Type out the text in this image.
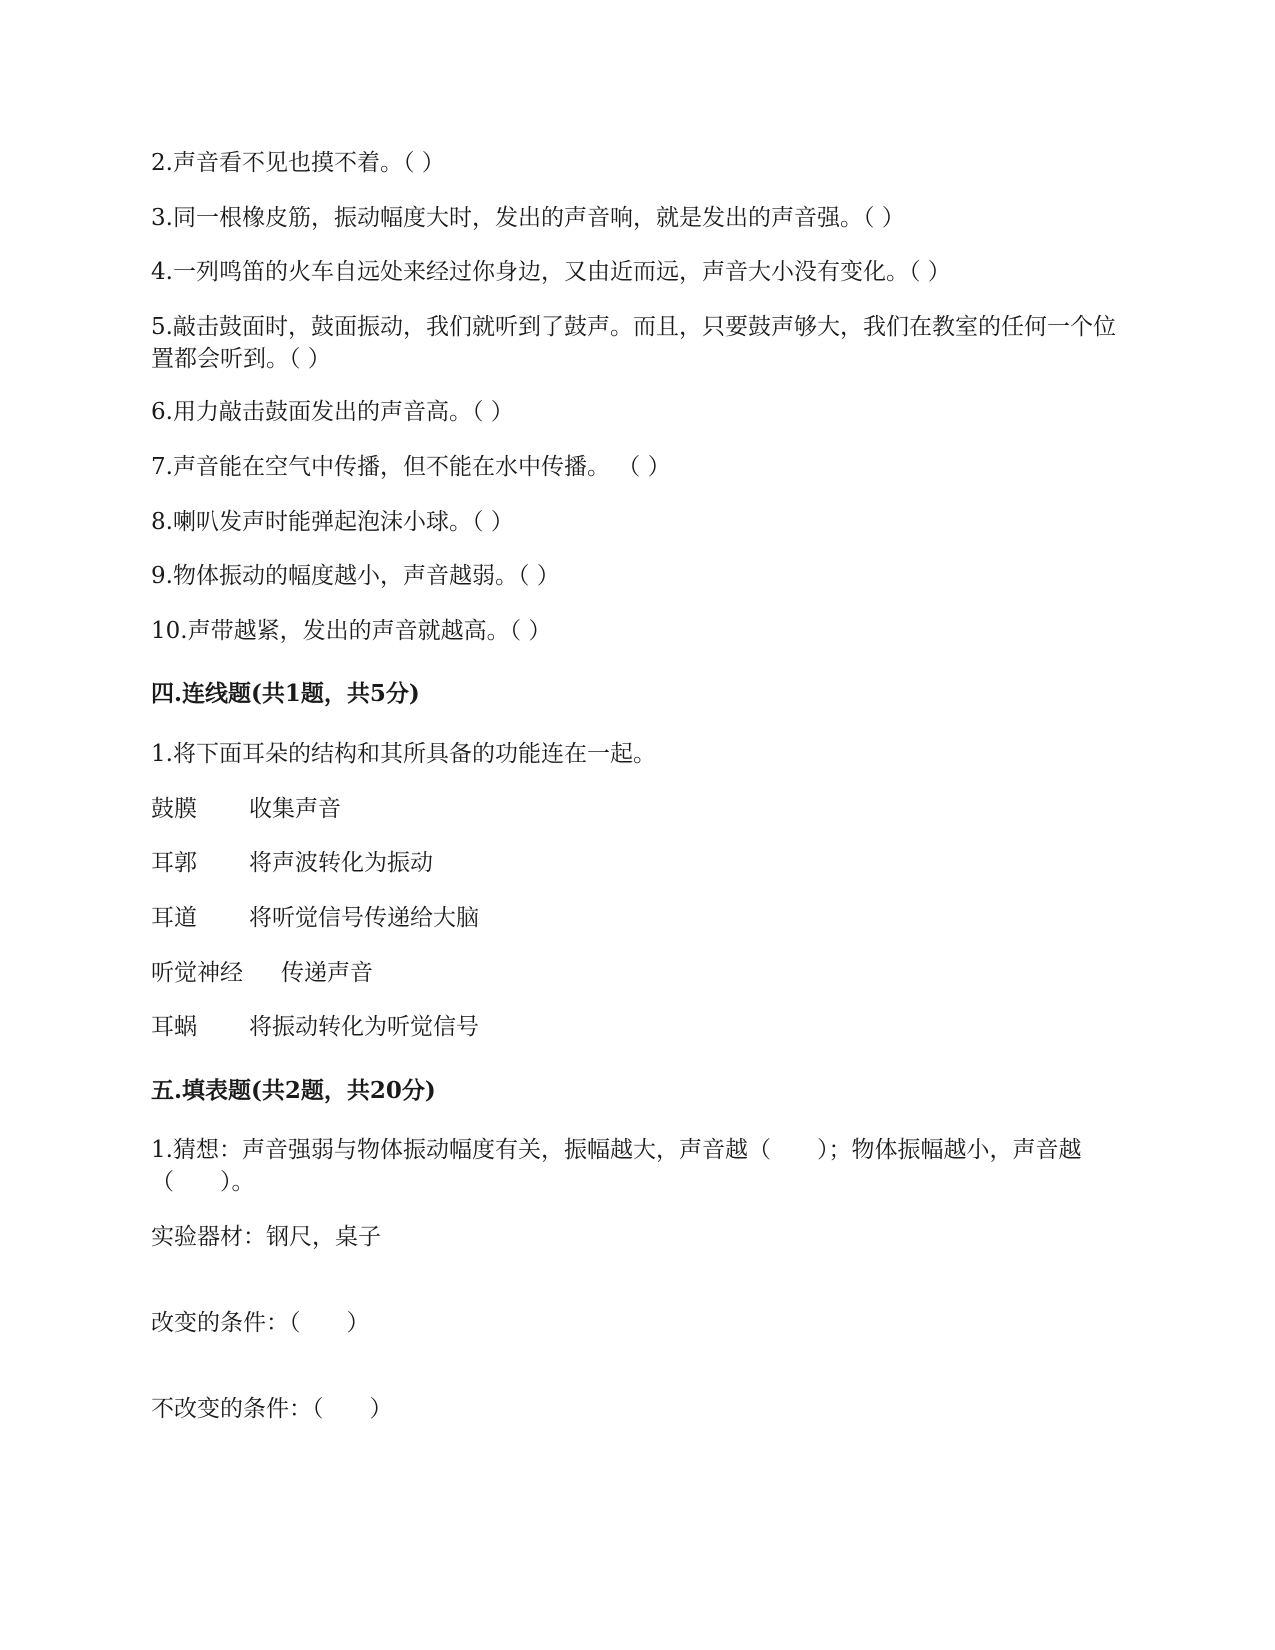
2.声音看不见也摸不着。（ ）
3.同一根橡皮筋，振动幅度大时，发出的声音响，就是发出的声音强。（ ）
4.一列鸣笛的火车自远处来经过你身边，又由近而远，声音大小没有变化。（ ）
5.敲击鼓面时，鼓面振动，我们就听到了鼓声。而且，只要鼓声够大，我们在教室的任何一个位置都会听到。（ ）
6.用力敲击鼓面发出的声音高。（ ）
7.声音能在空气中传播，但不能在水中传播。 （ ）
8.喇叭发声时能弹起泡沫小球。（ ）
9.物体振动的幅度越小，声音越弱。（ ）
10.声带越紧，发出的声音就越高。（ ）
四.连线题(共1题，共5分)
1.将下面耳朵的结构和其所具备的功能连在一起。
鼓膜 收集声音
耳郭 将声波转化为振动
耳道 将听觉信号传递给大脑
听觉神经 传递声音
耳蜗 将振动转化为听觉信号
五.填表题(共2题，共20分)
1.猜想：声音强弱与物体振动幅度有关，振幅越大，声音越（　　）；物体振幅越小，声音越（　　）。
实验器材：钢尺，桌子
改变的条件：（　　）
不改变的条件：（　　）
